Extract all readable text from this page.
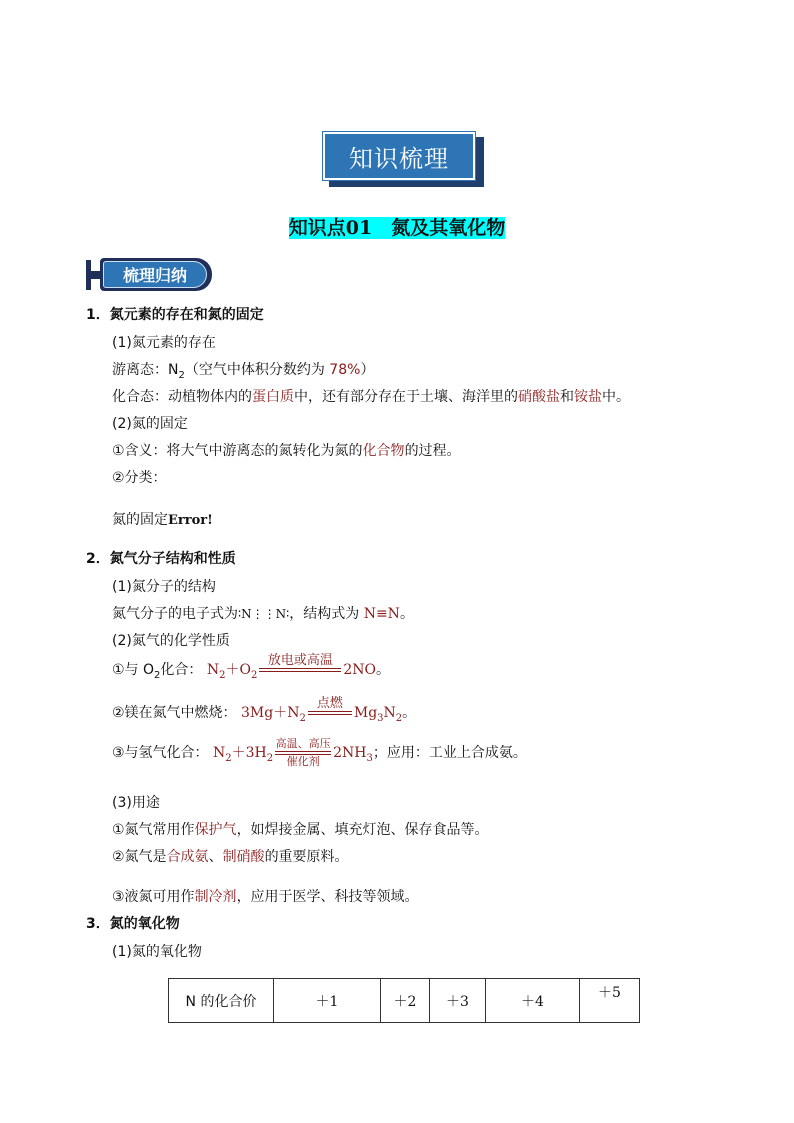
知识梳理
知识点01　氮及其氧化物
梳理归纳
1．氮元素的存在和氮的固定
(1)氮元素的存在
游离态：$N_2$（空气中体积分数约为 78%）
化合态：动植物体内的蛋白质中，还有部分存在于土壤、海洋里的硝酸盐和铵盐中。
(2)氮的固定
①含义：将大气中游离态的氮转化为氮的化合物的过程。
②分类：
氮的固定Error!
2．氮气分子结构和性质
(1)氮分子的结构
氮气分子的电子式为∶N⋮⋮N∶，结构式为 N≡N。
(2)氮气的化学性质
①与 $O_2$化合： $N_2+O_2$
放电或高温

2NO。
②镁在氮气中燃烧： $3Mg+N_2$
点燃

$Mg_3N_2$。
③与氢气化合： $N_2+3H_2 \frac{\text{高温、高压}}{\text{催化剂}} 2NH_3$；应用：工业上合成氨。
(3)用途
①氮气常用作保护气，如焊接金属、填充灯泡、保存食品等。
②氮气是合成氨、制硝酸的重要原料。
③液氮可用作制冷剂，应用于医学、科技等领域。
3．氮的氧化物
(1)氮的氧化物
N 的化合价	＋1	＋2	＋3	＋4	＋5
